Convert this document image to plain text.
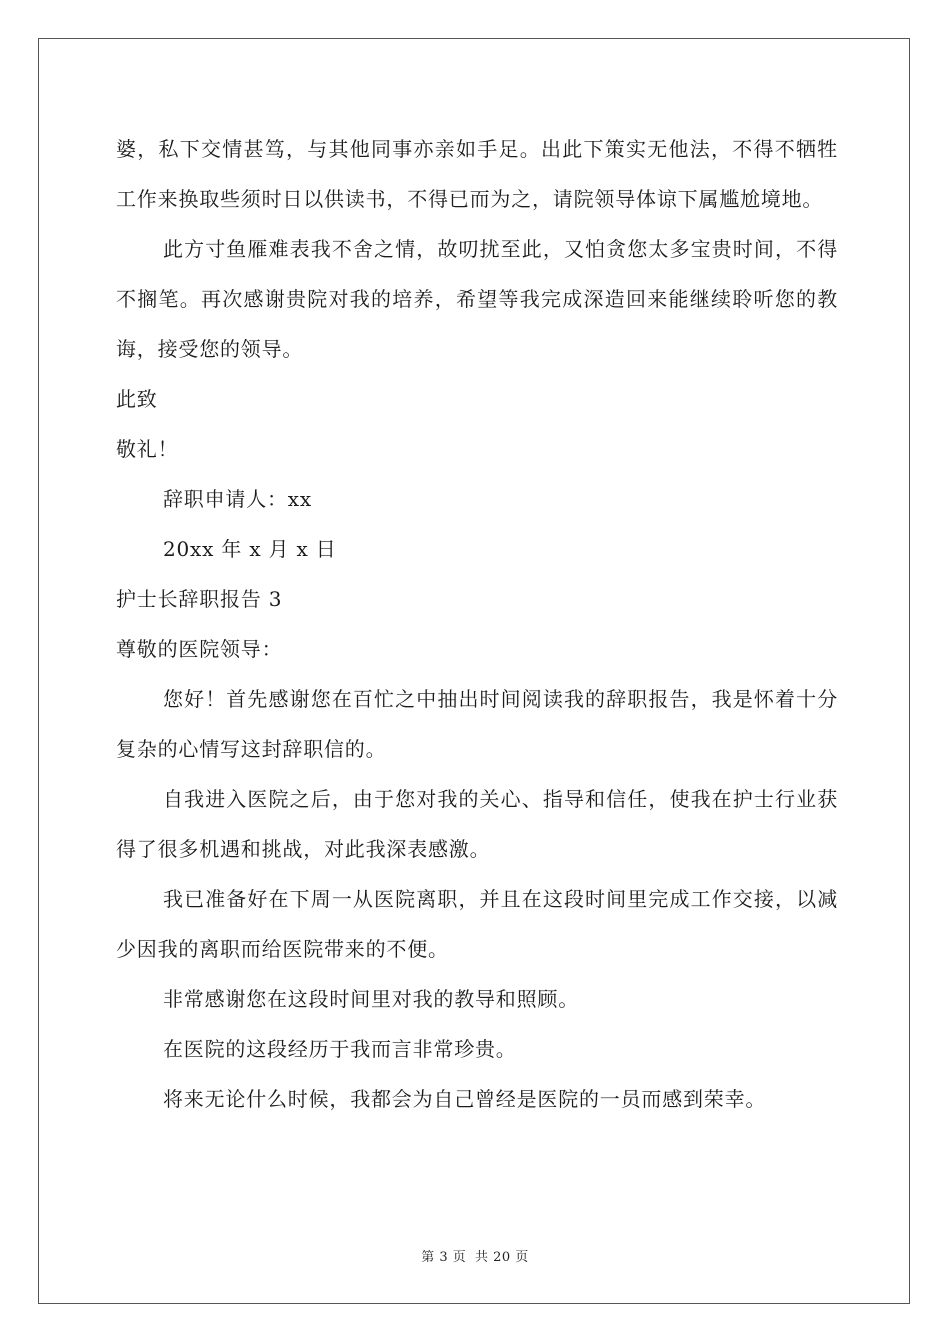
婆，私下交情甚笃，与其他同事亦亲如手足。出此下策实无他法，不得不牺牲工作来换取些须时日以供读书，不得已而为之，请院领导体谅下属尴尬境地。

此方寸鱼雁难表我不舍之情，故叨扰至此，又怕贪您太多宝贵时间，不得不搁笔。再次感谢贵院对我的培养，希望等我完成深造回来能继续聆听您的教诲，接受您的领导。

此致

敬礼！

辞职申请人：xx

20xx 年 x 月 x 日

护士长辞职报告 3

尊敬的医院领导：

您好！首先感谢您在百忙之中抽出时间阅读我的辞职报告，我是怀着十分复杂的心情写这封辞职信的。

自我进入医院之后，由于您对我的关心、指导和信任，使我在护士行业获得了很多机遇和挑战，对此我深表感激。

我已准备好在下周一从医院离职，并且在这段时间里完成工作交接，以减少因我的离职而给医院带来的不便。

非常感谢您在这段时间里对我的教导和照顾。

在医院的这段经历于我而言非常珍贵。

将来无论什么时候，我都会为自己曾经是医院的一员而感到荣幸。

第 3 页 共 20 页
